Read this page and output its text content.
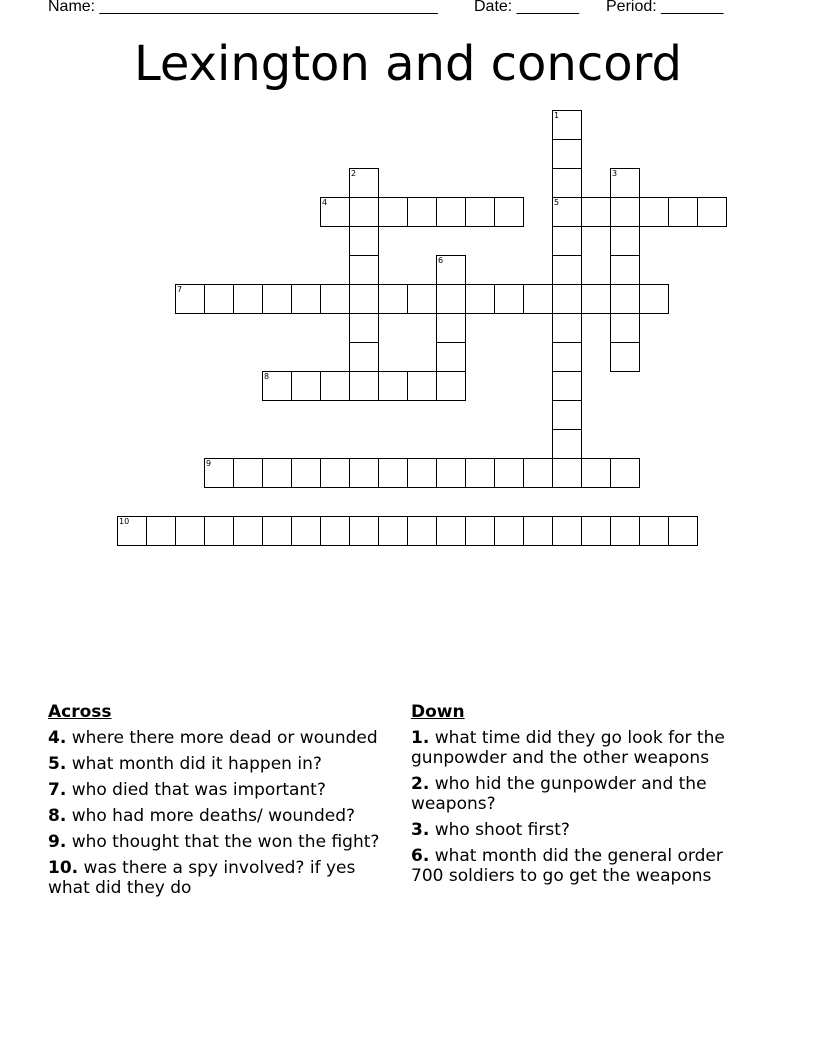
Name: ______________________________________ Date: _______ Period: _______
Lexington and concord
1
5
2	3
4
6
7
8
9
10
Across
4. where there more dead or wounded
5. what month did it happen in?
7. who died that was important?
8. who had more deaths/ wounded?
9. who thought that the won the fight?
10. was there a spy involved? if yes what did they do
Down
1. what time did they go look for the gunpowder and the other weapons
2. who hid the gunpowder and the weapons?
3. who shoot first?
6. what month did the general order 700 soldiers to go get the weapons
